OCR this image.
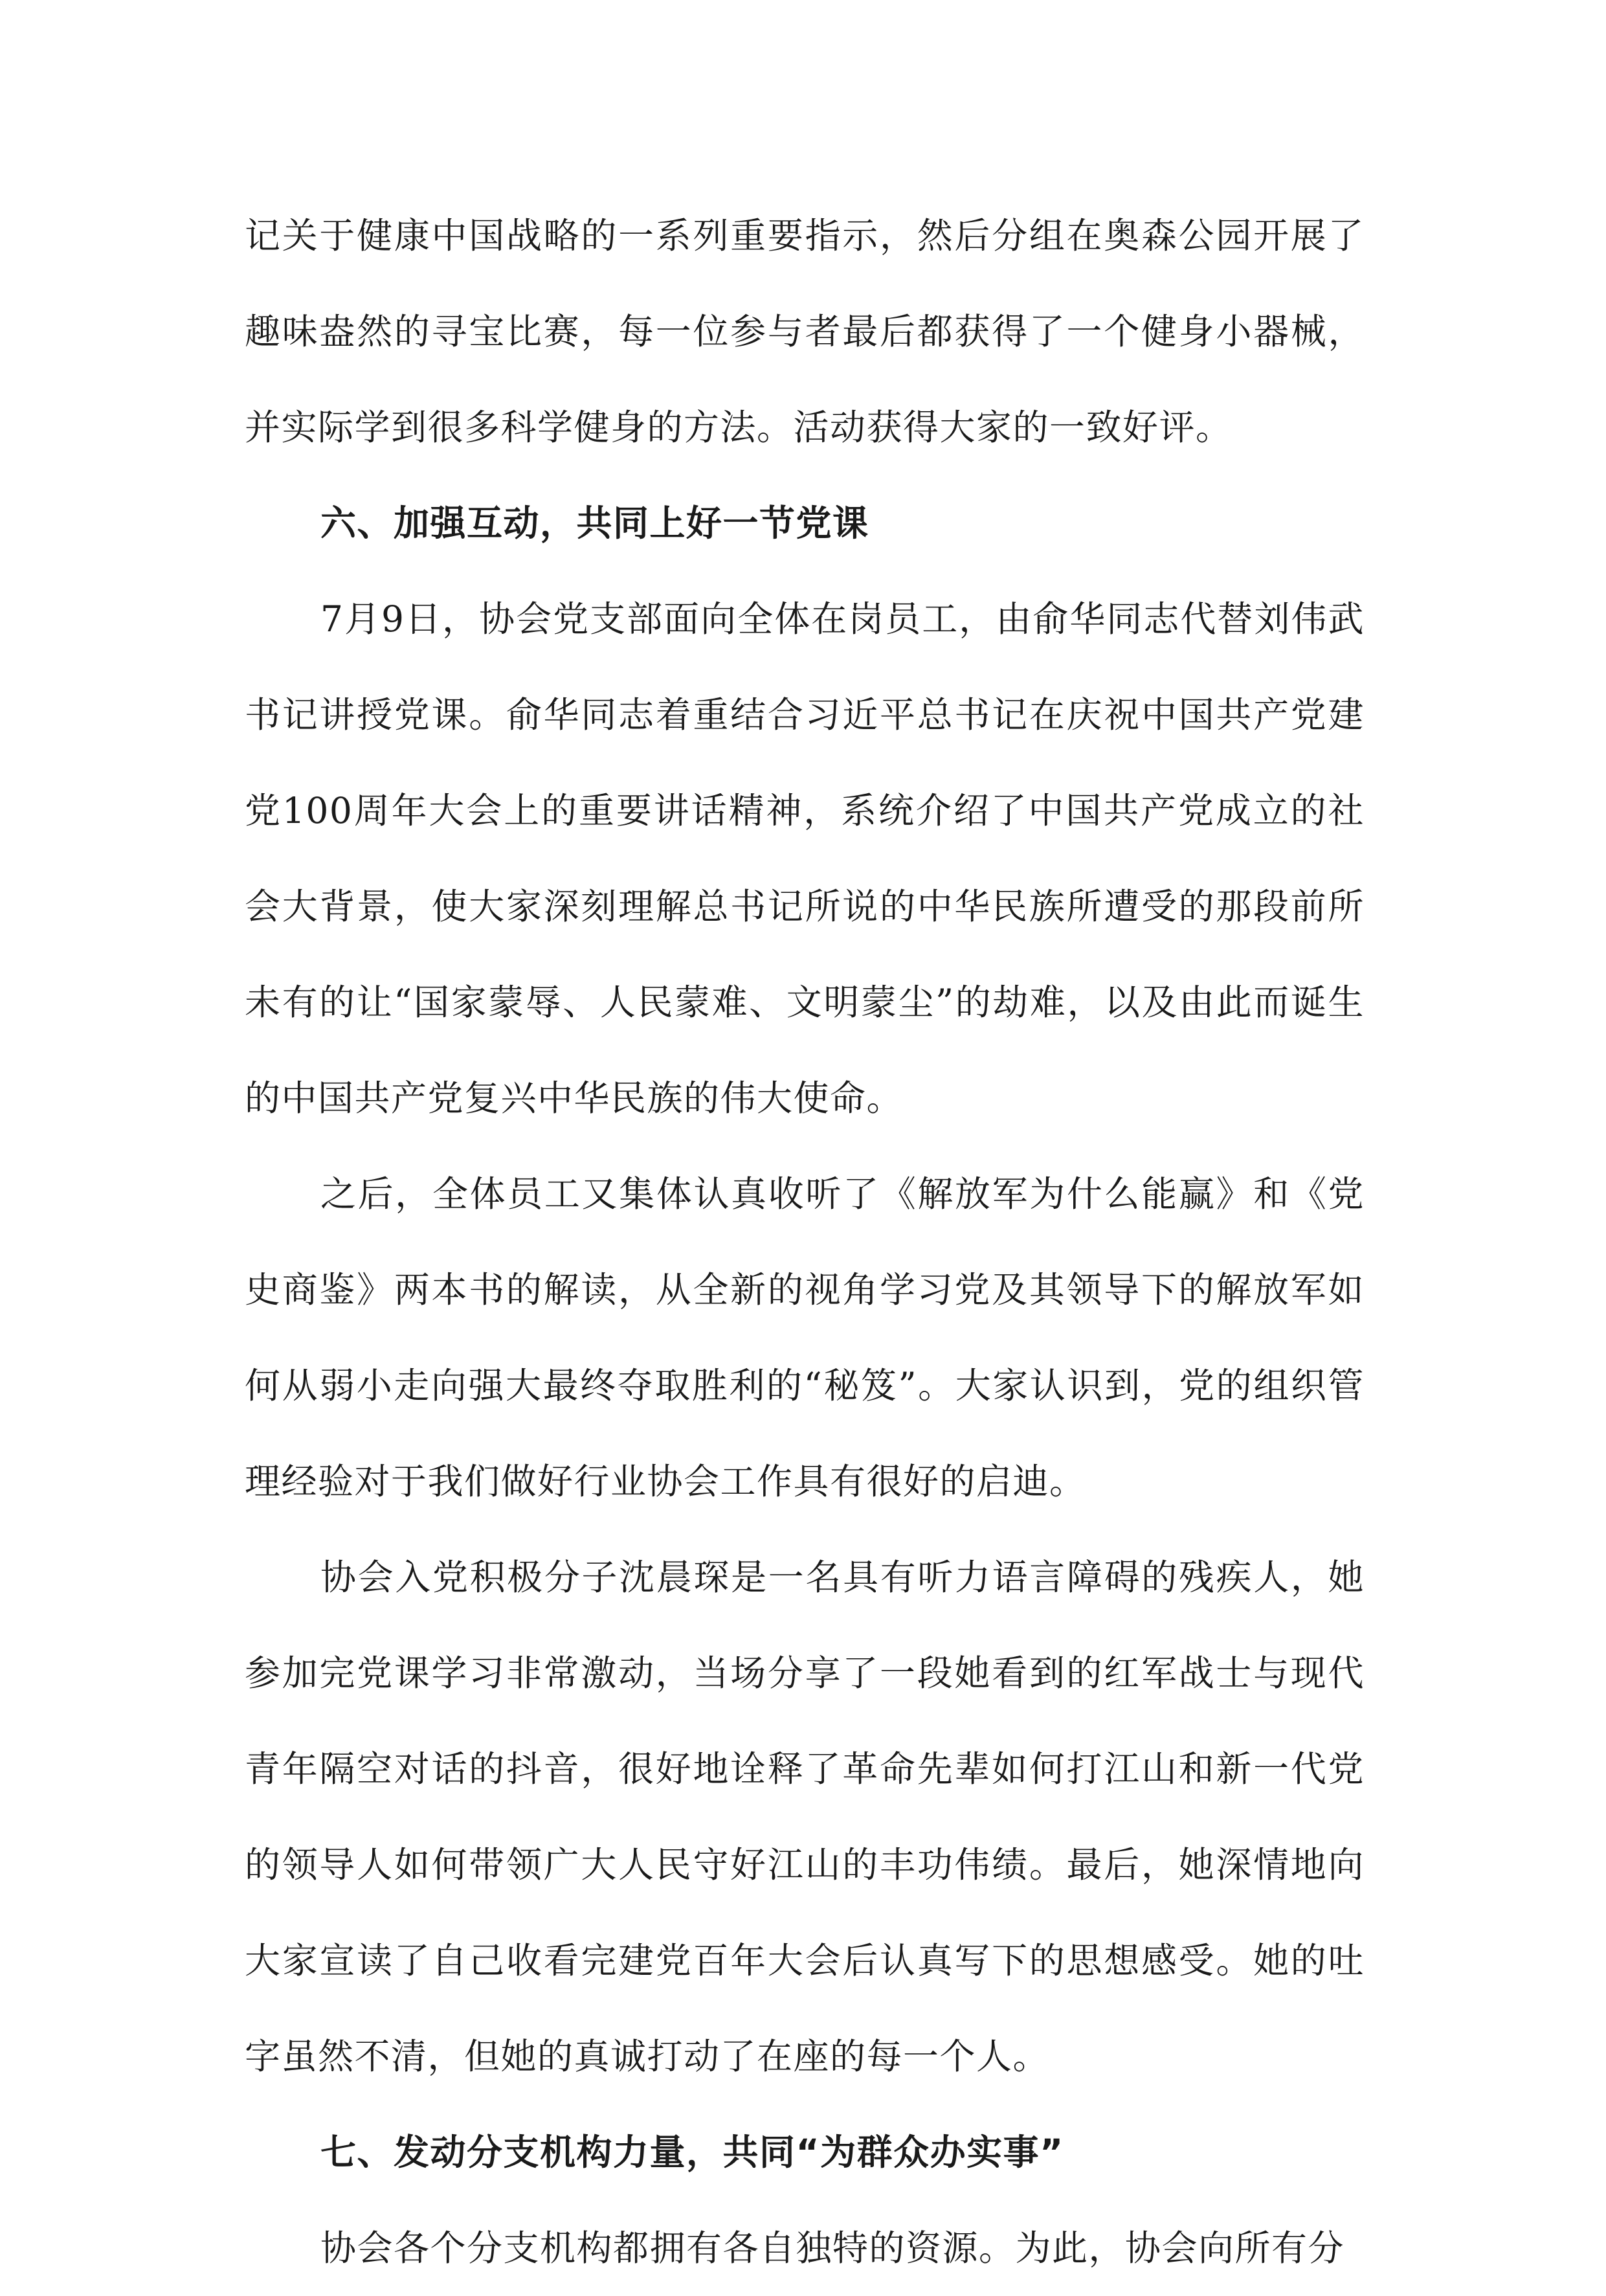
记关于健康中国战略的一系列重要指示，然后分组在奥森公园开展了趣味盎然的寻宝比赛，每一位参与者最后都获得了一个健身小器械，并实际学到很多科学健身的方法。活动获得大家的一致好评。

六、加强互动，共同上好一节党课

7月9日，协会党支部面向全体在岗员工，由俞华同志代替刘伟武书记讲授党课。俞华同志着重结合习近平总书记在庆祝中国共产党建党100周年大会上的重要讲话精神，系统介绍了中国共产党成立的社会大背景，使大家深刻理解总书记所说的中华民族所遭受的那段前所未有的让“国家蒙辱、人民蒙难、文明蒙尘”的劫难，以及由此而诞生的中国共产党复兴中华民族的伟大使命。

之后，全体员工又集体认真收听了《解放军为什么能赢》和《党史商鉴》两本书的解读，从全新的视角学习党及其领导下的解放军如何从弱小走向强大最终夺取胜利的“秘笈”。大家认识到，党的组织管理经验对于我们做好行业协会工作具有很好的启迪。

协会入党积极分子沈晨琛是一名具有听力语言障碍的残疾人，她参加完党课学习非常激动，当场分享了一段她看到的红军战士与现代青年隔空对话的抖音，很好地诠释了革命先辈如何打江山和新一代党的领导人如何带领广大人民守好江山的丰功伟绩。最后，她深情地向大家宣读了自己收看完建党百年大会后认真写下的思想感受。她的吐字虽然不清，但她的真诚打动了在座的每一个人。

七、发动分支机构力量，共同“为群众办实事”

协会各个分支机构都拥有各自独特的资源。为此，协会向所有分
